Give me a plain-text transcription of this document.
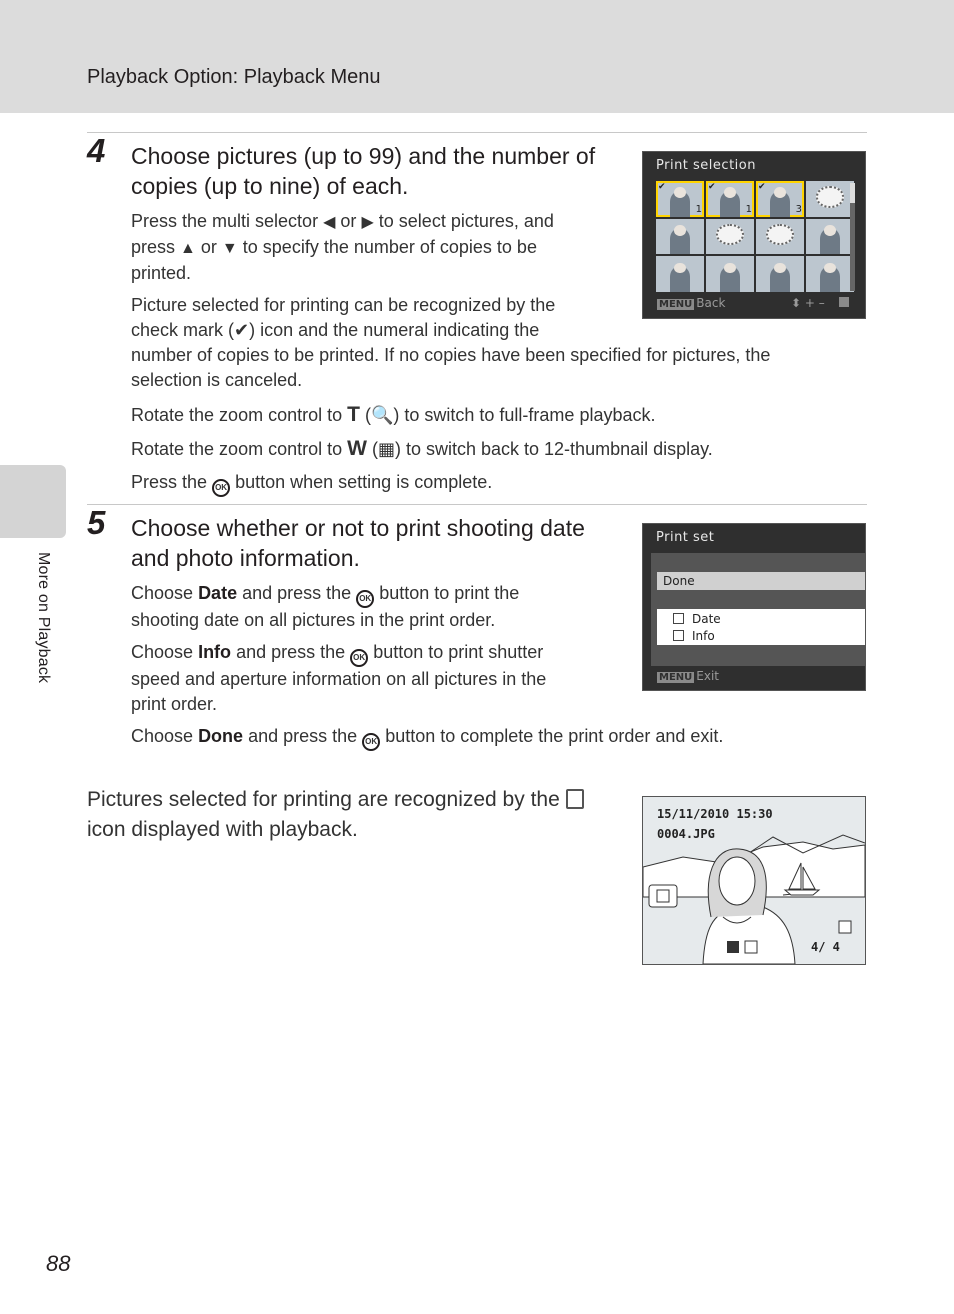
Playback Option: Playback Menu
More on Playback
4 Choose pictures (up to 99) and the number of
copies (up to nine) of each.
Press the multi selector ◀ or ▶ to select pictures, and
press ▲ or ▼ to specify the number of copies to be
printed.
Picture selected for printing can be recognized by the
check mark (✔) icon and the numeral indicating the
number of copies to be printed. If no copies have been specified for pictures, the
selection is canceled.
Rotate the zoom control to T (🔍) to switch to full-frame playback.
Rotate the zoom control to W (▦) to switch back to 12-thumbnail display.
Press the OK button when setting is complete.
Print selection
✔
1
✔
1
✔
3
MENU Back	⬍ + –
5 Choose whether or not to print shooting date
and photo information.
Choose Date and press the OK button to print the
shooting date on all pictures in the print order.
Choose Info and press the OK button to print shutter
speed and aperture information on all pictures in the
print order.
Choose Done and press the OK button to complete the print order and exit.
Print set
Done
Date
Info
MENU Exit
Pictures selected for printing are recognized by the
icon displayed with playback.
15/11/2010 15:30
0004.JPG
4/ 4
88
